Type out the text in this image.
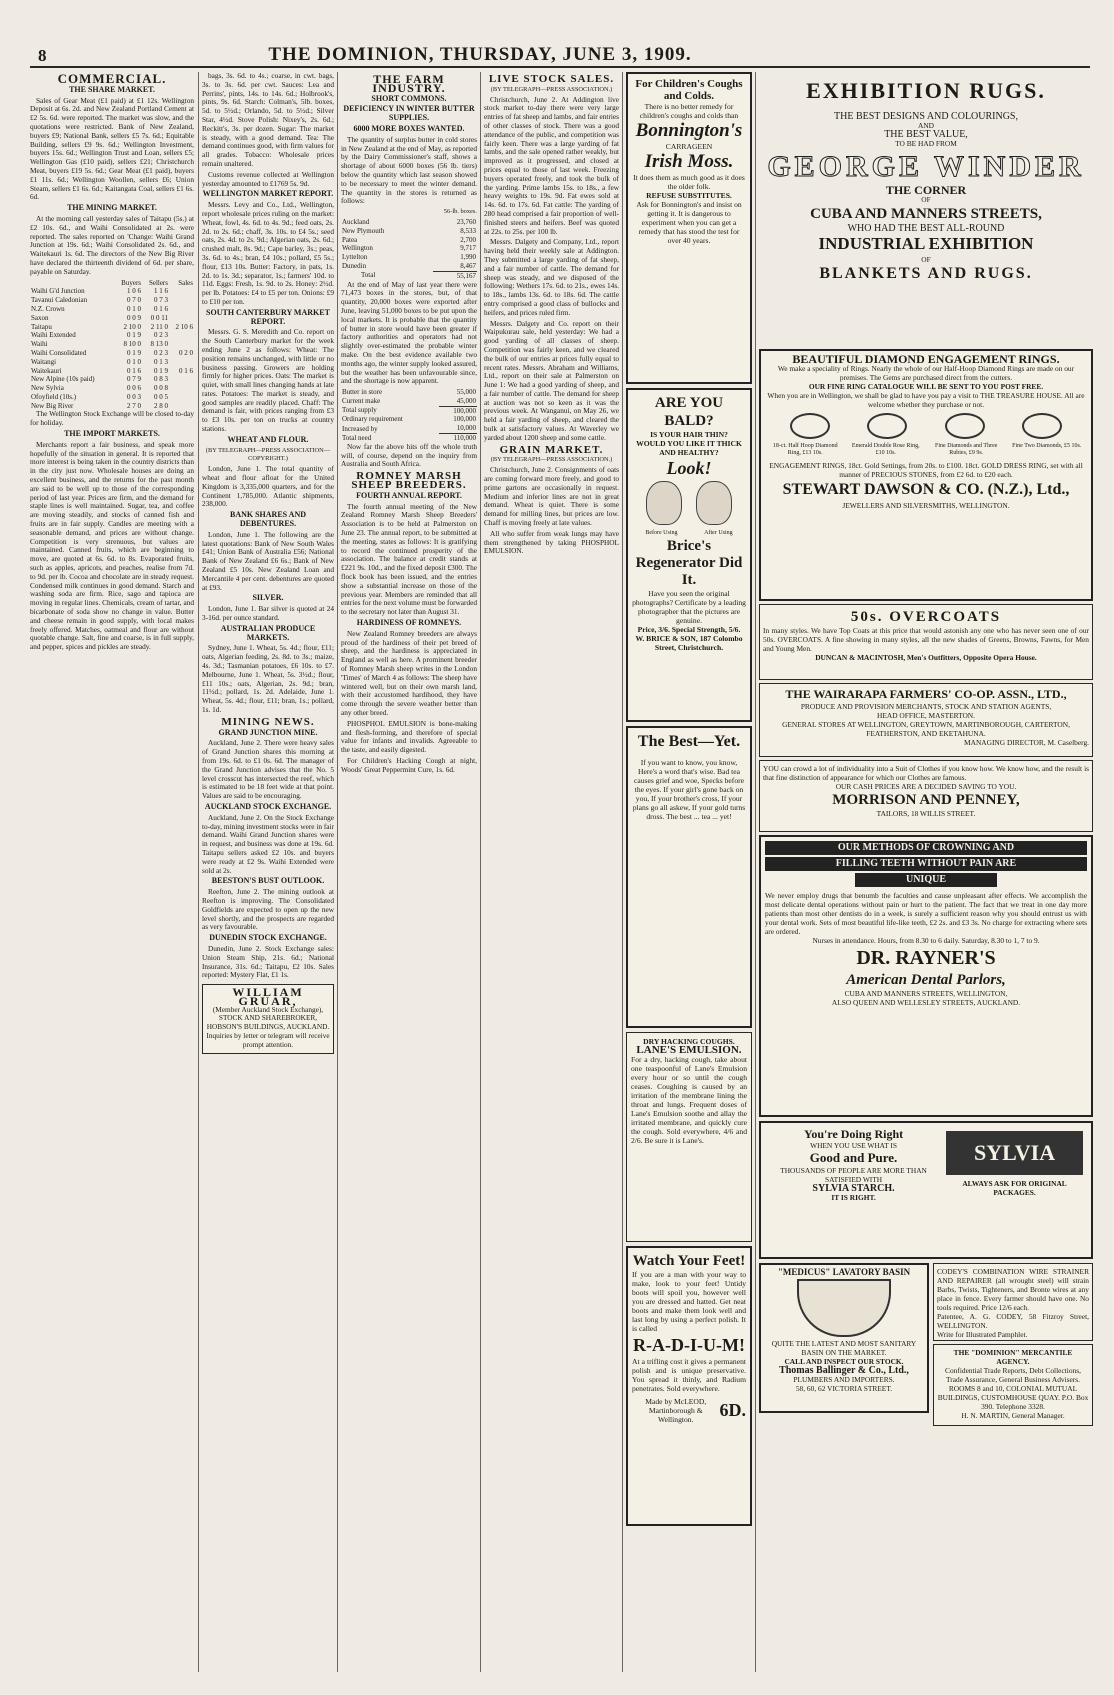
8	THE DOMINION, THURSDAY, JUNE 3, 1909.
COMMERCIAL.
THE SHARE MARKET.

Sales of Gear Meat (£1 paid) at £1 12s. Wellington Deposit at 6s. 2d. and New Zealand Portland Cement at £2 5s. 6d. were reported. The market was slow, and the quotations were restricted. Bank of New Zealand, buyers £9; National Bank, sellers £5 7s. 6d.; Equitable Building, sellers £9 9s. 6d.; Wellington Investment, buyers 15s. 6d.; Wellington Trust and Loan, sellers £5; Wellington Gas (£10 paid), sellers £21; Christchurch Meat, buyers £19 5s. 6d.; Gear Meat (£1 paid), buyers £1 11s. 6d.; Wellington Woollen, sellers £6; Union Steam, sellers £1 6s. 6d.; Kaitangata Coal, sellers £1 6s. 6d.

THE MINING MARKET.

At the morning call yesterday sales of Taitapu (5s.) at £2 10s. 6d., and Waihi Consolidated at 2s. were reported. The sales reported on 'Change: Waihi Grand Junction at 19s. 6d.; Waihi Consolidated 2s. 6d., and Waitekauri 1s. 6d. The directors of the New Big River have declared the thirteenth dividend of 6d. per share, payable on Saturday.

	Buyers	Sellers	Sales
Waihi G'd Junction	1 0 6	1 1 6	
Tavanui Caledonian	0 7 0	0 7 3	
N.Z. Crown	0 1 0	0 1 6	
Saxon	0 0 9	0 0 11	
Taitapu	2 10 0	2 11 0	2 10 6
Waihi Extended	0 1 9	0 2 3	
Waihi	8 10 0	8 13 0	
Waihi Consolidated	0 1 9	0 2 3	0 2 0
Waitangi	0 1 0	0 1 3	
Waitekauri	0 1 6	0 1 9	0 1 6
New Alpine (10s paid)	0 7 9	0 8 3	
New Sylvia	0 0 6	0 0 8	
Ofoyfield (10s.)	0 0 3	0 0 5	
New Big River	2 7 0	2 8 0	

The Wellington Stock Exchange will be closed to-day for holiday.

THE IMPORT MARKETS.

Merchants report a fair business, and speak more hopefully of the situation in general. It is reported that more interest is being taken in the country districts than in the city just now. Wholesale houses are doing an excellent business, and the returns for the past month are said to be well up to those of the corresponding period of last year. Prices are firm, and the demand for staple lines is well maintained. Sugar, tea, and coffee are moving steadily, and stocks of canned fish and fruits are in fair supply. Candles are meeting with a seasonable demand, and prices are without change. Competition is very strenuous, but values are maintained. Canned fruits, which are beginning to move, are quoted at 6s. 6d. to 8s. Evaporated fruits, such as apples, apricots, and peaches, realise from 7d. to 9d. per lb. Cocoa and chocolate are in steady request. Condensed milk continues in good demand. Starch and washing soda are firm. Rice, sago and tapioca are moving in regular lines. Chemicals, cream of tartar, and bicarbonate of soda show no change in value. Butter and cheese remain in good supply, with local makes freely offered. Matches, oatmeal and flour are without quotable change. Salt, fine and coarse, is in full supply, and pepper, spices and pickles are steady.

bags, 3s. 6d. to 4s.; coarse, in cwt. bags, 3s. to 3s. 6d. per cwt. Sauces: Lea and Perrins', pints, 14s. to 14s. 6d.; Holbrook's, pints, 9s. 6d. Starch: Colman's, 5lb. boxes, 5d. to 5½d.; Orlando, 5d. to 5½d.; Silver Star, 4½d. Stove Polish: Nixey's, 2s. 6d.; Reckitt's, 3s. per dozen. Sugar: The market is steady, with a good demand. Tea: The demand continues good, with firm values for all grades. Tobacco: Wholesale prices remain unaltered.

Customs revenue collected at Wellington yesterday amounted to £1769 5s. 9d.

WELLINGTON MARKET REPORT.

Messrs. Levy and Co., Ltd., Wellington, report wholesale prices ruling on the market: Wheat, fowl, 4s. 6d. to 4s. 9d.; feed oats, 2s. 2d. to 2s. 6d.; chaff, 3s. 10s. to £4 5s.; seed oats, 2s. 4d. to 2s. 9d.; Algerian oats, 2s. 6d.; crushed malt, 8s. 9d.; Cape barley, 3s.; peas, 3s. 6d. to 4s.; bran, £4 10s.; pollard, £5 5s.; flour, £13 10s. Butter: Factory, in pats, 1s. 2d. to 1s. 3d.; separator, 1s.; farmers' 10d. to 11d. Eggs: Fresh, 1s. 9d. to 2s. Honey: 2½d. per lb. Potatoes: £4 to £5 per ton. Onions: £9 to £10 per ton.

SOUTH CANTERBURY MARKET REPORT.

Messrs. G. S. Meredith and Co. report on the South Canterbury market for the week ending June 2 as follows: Wheat: The position remains unchanged, with little or no business passing. Growers are holding firmly for higher prices. Oats: The market is quiet, with small lines changing hands at late rates. Potatoes: The market is steady, and good samples are readily placed. Chaff: The demand is fair, with prices ranging from £3 to £3 10s. per ton on trucks at country stations.

WHEAT AND FLOUR.
(BY TELEGRAPH—PRESS ASSOCIATION—COPYRIGHT.)

London, June 1. The total quantity of wheat and flour afloat for the United Kingdom is 3,335,000 quarters, and for the Continent 1,785,000. Atlantic shipments, 238,000.

BANK SHARES AND DEBENTURES.

London, June 1. The following are the latest quotations: Bank of New South Wales £41; Union Bank of Australia £56; National Bank of New Zealand £6 6s.; Bank of New Zealand £5 10s. New Zealand Loan and Mercantile 4 per cent. debentures are quoted at £93.

SILVER.

London, June 1. Bar silver is quoted at 24 3-16d. per ounce standard.

AUSTRALIAN PRODUCE MARKETS.

Sydney, June 1. Wheat, 5s. 4d.; flour, £11; oats, Algerian feeding, 2s. 8d. to 3s.; maize, 4s. 3d.; Tasmanian potatoes, £6 10s. to £7. Melbourne, June 1. Wheat, 5s. 3½d.; flour, £11 10s.; oats, Algerian, 2s. 9d.; bran, 11½d.; pollard, 1s. 2d. Adelaide, June 1. Wheat, 5s. 4d.; flour, £11; bran, 1s.; pollard, 1s. 1d.

MINING NEWS.
GRAND JUNCTION MINE.

Auckland, June 2. There were heavy sales of Grand Junction shares this morning at from 19s. 6d. to £1 0s. 6d. The manager of the Grand Junction advises that the No. 5 level crosscut has intersected the reef, which is estimated to be 18 feet wide at that point. Values are said to be encouraging.

AUCKLAND STOCK EXCHANGE.

Auckland, June 2. On the Stock Exchange to-day, mining investment stocks were in fair demand. Waihi Grand Junction shares were in request, and business was done at 19s. 6d. Taitapu sellers asked £2 10s. and buyers were ready at £2 9s. Waihi Extended were sold at 2s.

BEESTON'S BUST OUTLOOK.

Reefton, June 2. The mining outlook at Reefton is improving. The Consolidated Goldfields are expected to open up the new level shortly, and the prospects are regarded as very favourable.

DUNEDIN STOCK EXCHANGE.

Dunedin, June 2. Stock Exchange sales: Union Steam Ship, 21s. 6d.; National Insurance, 31s. 6d.; Taitapu, £2 10s. Sales reported: Mystery Flat, £1 1s.

WILLIAM GRUAR,
(Member Auckland Stock Exchange), STOCK AND SHAREBROKER, HOBSON'S BUILDINGS, AUCKLAND.
Inquiries by letter or telegram will receive prompt attention.
THE FARM INDUSTRY.
SHORT COMMONS.
DEFICIENCY IN WINTER BUTTER SUPPLIES.
6000 MORE BOXES WANTED.

The quantity of surplus butter in cold stores in New Zealand at the end of May, as reported by the Dairy Commissioner's staff, shows a shortage of about 6000 boxes (56 lb. tiers) below the quantity which last season showed to be necessary to meet the winter demand. The quantity in the stores is returned as follows:

56-lb. boxes.
Auckland	23,760
New Plymouth	8,533
Patea	2,700
Wellington	9,717
Lyttelton	1,990
Dunedin	8,467
Total	55,167

At the end of May of last year there were 71,473 boxes in the stores, but, of that quantity, 20,000 boxes were exported after June, leaving 51,000 boxes to be put upon the local markets. It is probable that the quantity of butter in store would have been greater if factory authorities and operators had not slightly over-estimated the probable winter make. On the best evidence available two months ago, the winter supply looked assured, but the weather has been unfavourable since, and the shortage is now apparent.

Butter in store	55,000
Current make	45,000
Total supply	100,000
Ordinary requirement	100,000
Increased by	10,000
Total need	110,000

Now far the above hits off the whole truth will, of course, depend on the inquiry from Australia and South Africa.

ROMNEY MARSH SHEEP BREEDERS.
FOURTH ANNUAL REPORT.

The fourth annual meeting of the New Zealand Romney Marsh Sheep Breeders' Association is to be held at Palmerston on June 23. The annual report, to be submitted at the meeting, states as follows: It is gratifying to record the continued prosperity of the association. The balance at credit stands at £221 9s. 10d., and the fixed deposit £300. The flock book has been issued, and the entries show a substantial increase on those of the previous year. Members are reminded that all entries for the next volume must be forwarded to the secretary not later than August 31.

HARDINESS OF ROMNEYS.

New Zealand Romney breeders are always proud of the hardiness of their pet breed of sheep, and the hardiness is appreciated in England as well as here. A prominent breeder of Romney Marsh sheep writes in the London 'Times' of March 4 as follows: The sheep have wintered well, but on their own marsh land, with their accustomed hardihood, they have come through the severe weather better than any other breed.

PHOSPHOL EMULSION is bone-making and flesh-forming, and therefore of special value for infants and invalids. Agreeable to the taste, and easily digested.

For Children's Hacking Cough at night, Woods' Great Peppermint Cure, 1s. 6d.

LIVE STOCK SALES.
(BY TELEGRAPH—PRESS ASSOCIATION.)

Christchurch, June 2. At Addington live stock market to-day there were very large entries of fat sheep and lambs, and fair entries of other classes of stock. There was a good attendance of the public, and competition was fairly keen. There was a large yarding of fat lambs, and the sale opened rather weakly, but improved as it progressed, and closed at prices equal to those of last week. Freezing buyers operated freely, and took the bulk of the yarding. Prime lambs 15s. to 18s., a few heavy weights to 19s. 9d. Fat ewes sold at 14s. 6d. to 17s. 6d. Fat cattle: The yarding of 280 head comprised a fair proportion of well-finished steers and heifers. Beef was quoted at 22s. to 25s. per 100 lb.

Messrs. Dalgety and Company, Ltd., report having held their weekly sale at Addington. They submitted a large yarding of fat sheep, and a fair number of cattle. The demand for sheep was steady, and we disposed of the following: Wethers 17s. 6d. to 21s., ewes 14s. to 18s., lambs 13s. 6d. to 18s. 6d. The cattle entry comprised a good class of bullocks and heifers, and prices ruled firm.

Messrs. Dalgety and Co. report on their Waipukurau sale, held yesterday: We had a good yarding of all classes of sheep. Competition was fairly keen, and we cleared the bulk of our entries at prices fully equal to recent rates. Messrs. Abraham and Williams, Ltd., report on their sale at Palmerston on June 1: We had a good yarding of sheep, and a fair number of cattle. The demand for sheep at auction was not so keen as it was the previous week. At Wanganui, on May 26, we held a fair yarding of sheep, and cleared the bulk at satisfactory values. At Waverley we yarded about 1200 sheep and some cattle.

GRAIN MARKET.
(BY TELEGRAPH—PRESS ASSOCIATION.)

Christchurch, June 2. Consignments of oats are coming forward more freely, and good to prime gartons are occasionally in request. Medium and inferior lines are not in great demand. Wheat is quiet. There is some demand for milling lines, but prices are low. Chaff is moving freely at late values.

All who suffer from weak lungs may have them strengthened by taking PHOSPHOL EMULSION.

For Children's Coughs and Colds.
There is no better remedy for children's coughs and colds than
Bonnington's
CARRAGEEN
Irish Moss.
It does them as much good as it does the older folk.
REFUSE SUBSTITUTES.
Ask for Bonnington's and insist on getting it. It is dangerous to experiment when you can get a remedy that has stood the test for over 40 years.
ARE YOU BALD?
IS YOUR HAIR THIN?
WOULD YOU LIKE IT THICK AND HEALTHY?
Look!

Before Using	After Using
Brice's Regenerator Did It.
Have you seen the original photographs? Certificate by a leading photographer that the pictures are genuine.
Price, 3/6. Special Strength, 5/6.
W. BRICE & SON, 187 Colombo Street, Christchurch.
The Best—Yet.
If you want to know, you know, Here's a word that's wise. Bad tea causes grief and woe, Specks before the eyes. If your girl's gone back on you, If your brother's cross, If your plans go all askew, If your gold turns dross. The best ... tea ... yet!
DRY HACKING COUGHS.
LANE'S EMULSION.
For a dry, hacking cough, take about one teaspoonful of Lane's Emulsion every hour or so until the cough ceases. Coughing is caused by an irritation of the membrane lining the throat and lungs. Frequent doses of Lane's Emulsion soothe and allay the irritated membrane, and quickly cure the cough. Sold everywhere, 4/6 and 2/6. Be sure it is Lane's.
Watch Your Feet!
If you are a man with your way to make, look to your feet! Untidy boots will spoil you, however well you are dressed and hatted. Get neat boots and make them look well and last long by using a perfect polish. It is called
R-A-D-I-U-M!
At a trifling cost it gives a permanent polish and is unique preservative. You spread it thinly, and Radium penetrates. Sold everywhere.
Made by McLEOD, Martinborough & Wellington.	6D.
EXHIBITION RUGS.
THE BEST DESIGNS AND COLOURINGS,
AND
THE BEST VALUE,
TO BE HAD FROM
GEORGE WINDER
THE CORNER
OF
CUBA AND MANNERS STREETS,
WHO HAD THE BEST ALL-ROUND
INDUSTRIAL EXHIBITION
OF
BLANKETS AND RUGS.
BEAUTIFUL DIAMOND ENGAGEMENT RINGS.
We make a speciality of Rings. Nearly the whole of our Half-Hoop Diamond Rings are made on our premises. The Gems are purchased direct from the cutters.
OUR FINE RING CATALOGUE WILL BE SENT TO YOU POST FREE.
When you are in Wellington, we shall be glad to have you pay a visit to THE TREASURE HOUSE. All are welcome whether they purchase or not.
18-ct. Half Hoop Diamond Ring, £13 10s.
Emerald Double Rose Ring, £10 10s.
Fine Diamonds and Three Rubies, £9 9s.
Fine Two Diamonds, £5 10s.
ENGAGEMENT RINGS, 18ct. Gold Settings, from 20s. to £100. 18ct. GOLD DRESS RING, set with all manner of PRECIOUS STONES, from £2 6d. to £20 each.
STEWART DAWSON & CO. (N.Z.), Ltd.,
JEWELLERS AND SILVERSMITHS, WELLINGTON.
50s. OVERCOATS
In many styles. We have Top Coats at this price that would astonish any one who has never seen one of our 50s. OVERCOATS. A fine showing in many styles, all the new shades of Greens, Browns, Fawns, for Men and Young Men.
DUNCAN & MACINTOSH, Men's Outfitters, Opposite Opera House.
THE WAIRARAPA FARMERS' CO-OP. ASSN., LTD.,
PRODUCE AND PROVISION MERCHANTS, STOCK AND STATION AGENTS,
HEAD OFFICE, MASTERTON.
GENERAL STORES AT WELLINGTON, GREYTOWN, MARTINBOROUGH, CARTERTON, FEATHERSTON, AND EKETAHUNA.
MANAGING DIRECTOR, M. Caselberg.
YOU can crowd a lot of individuality into a Suit of Clothes if you know how. We know how, and the result is that fine distinction of appearance for which our Clothes are famous.
OUR CASH PRICES ARE A DECIDED SAVING TO YOU.
MORRISON AND PENNEY,
TAILORS, 18 WILLIS STREET.
OUR METHODS OF CROWNING AND
FILLING TEETH WITHOUT PAIN ARE
UNIQUE
We never employ drugs that benumb the faculties and cause unpleasant after effects. We accomplish the most delicate dental operations without pain or hurt to the patient. The fact that we treat in one day more patients than most other dentists do in a week, is surely a sufficient reason why you should entrust us with your dental work. Sets of most beautiful life-like teeth, £2 2s. and £3 3s. No charge for extracting where sets are ordered.
Nurses in attendance. Hours, from 8.30 to 6 daily. Saturday, 8.30 to 1, 7 to 9.
DR. RAYNER'S
American Dental Parlors,
CUBA AND MANNERS STREETS, WELLINGTON,
ALSO QUEEN AND WELLESLEY STREETS, AUCKLAND.
You're Doing Right
WHEN YOU USE WHAT IS
Good and Pure.
THOUSANDS OF PEOPLE ARE MORE THAN SATISFIED WITH
SYLVIA STARCH.
IT IS RIGHT.
SYLVIA
ALWAYS ASK FOR ORIGINAL PACKAGES.
"MEDICUS" LAVATORY BASIN
QUITE THE LATEST AND MOST SANITARY BASIN ON THE MARKET.
CALL AND INSPECT OUR STOCK.
Thomas Ballinger & Co., Ltd.,
PLUMBERS AND IMPORTERS.
58, 60, 62 VICTORIA STREET.
CODEY'S COMBINATION WIRE STRAINER AND REPAIRER (all wrought steel) will strain Barbs, Twists, Tighteners, and Bronte wires at any place in fence. Every farmer should have one. No tools required. Price 12/6 each.
Patentee, A. G. CODEY, 58 Fitzroy Street, WELLINGTON.
Write for Illustrated Pamphlet.
THE "DOMINION" MERCANTILE AGENCY.
Confidential Trade Reports, Debt Collections, Trade Assurance, General Business Advisers. ROOMS 8 and 10, COLONIAL MUTUAL BUILDINGS, CUSTOMHOUSE QUAY. P.O. Box 390. Telephone 3328.
H. N. MARTIN, General Manager.
